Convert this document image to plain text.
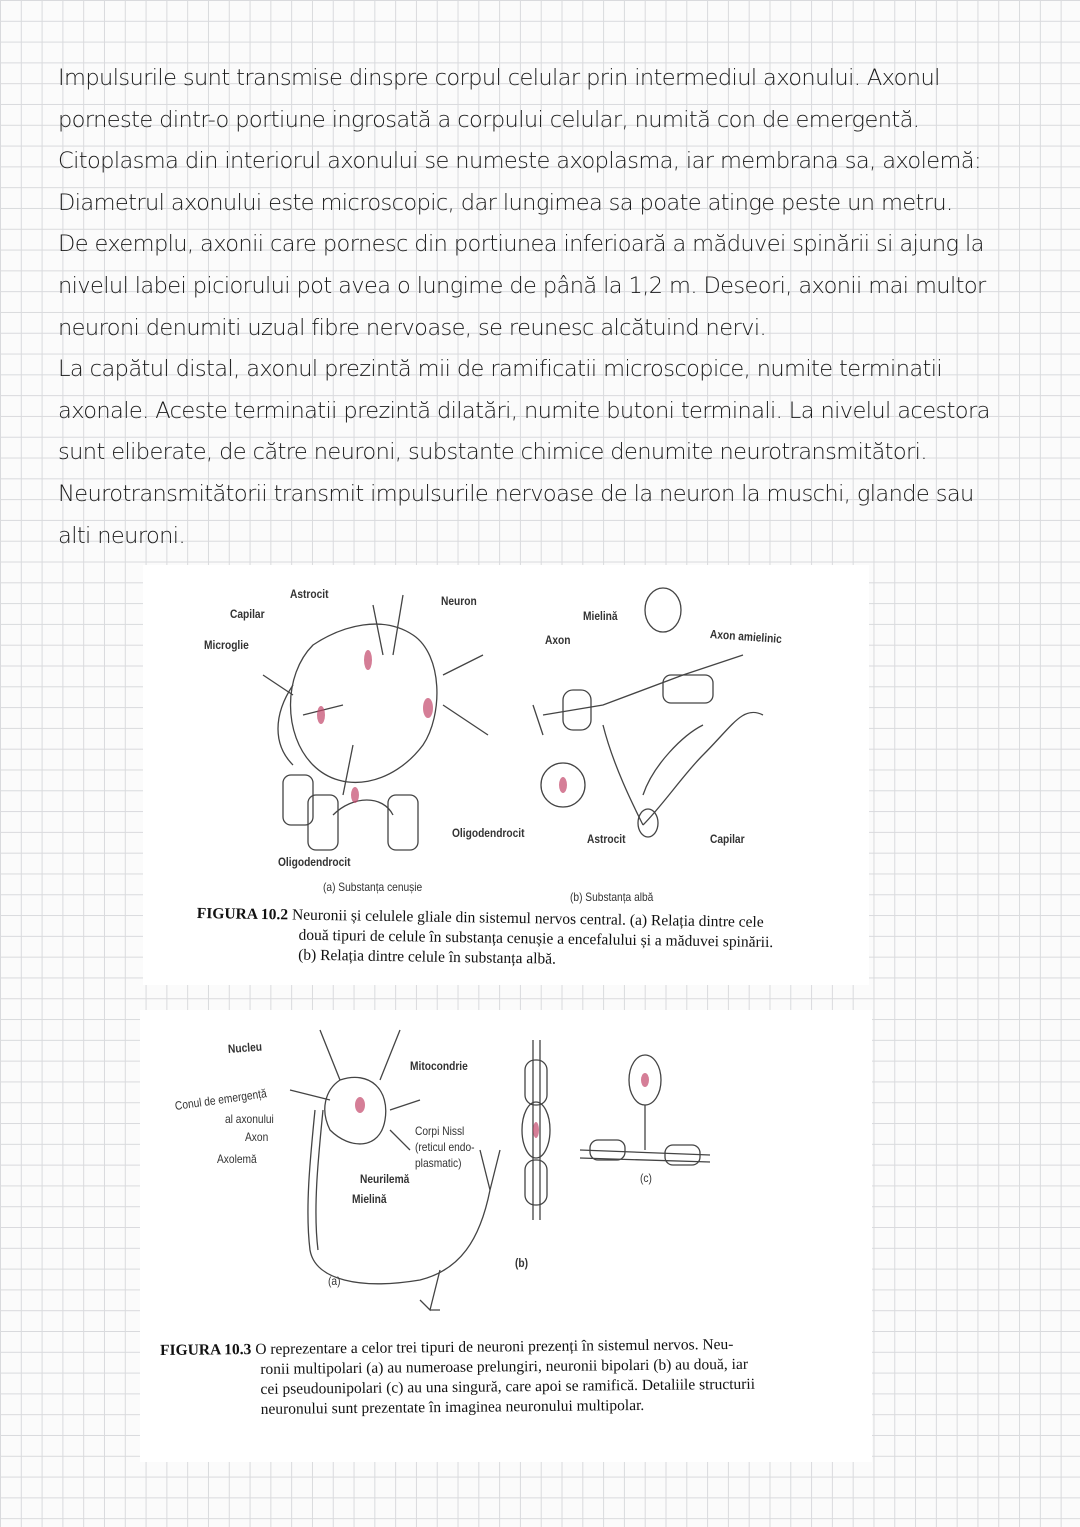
Impulsurile sunt transmise dinspre corpul celular prin intermediul axonului. Axonul

porneste dintr-o portiune ingrosată a corpului celular, numită con de emergentă.

Citoplasma din interiorul axonului se numeste axoplasma, iar membrana sa, axolemă:

Diametrul axonului este microscopic, dar lungimea sa poate atinge peste un metru.

De exemplu, axonii care pornesc din portiunea inferioară a măduvei spinării si ajung la

nivelul labei piciorului pot avea o lungime de până la 1,2 m. Deseori, axonii mai multor

neuroni denumiti uzual fibre nervoase, se reunesc alcătuind nervi.

La capătul distal, axonul prezintă mii de ramificatii microscopice, numite terminatii

axonale. Aceste terminatii prezintă dilatări, numite butoni terminali. La nivelul acestora

sunt eliberate, de către neuroni, substante chimice denumite neurotransmitători.

Neurotransmitătorii transmit impulsurile nervoase de la neuron la muschi, glande sau

alti neuroni.

Astrocit
Capilar
Microglie
Neuron
Oligodendrocit
Mielină
Axon	Axon amielinic
Oligodendrocit	Astrocit	Capilar
(a) Substanța cenușie
(b) Substanța albă
FIGURA 10.2 Neuronii și celulele gliale din sistemul nervos central. (a) Relația dintre cele
două tipuri de celule în substanța cenușie a encefalului și a măduvei spinării.
(b) Relația dintre celule în substanța albă.
Nucleu
Mitocondrie
Conul de emergență
al axonului
Axon
Axolemă
Corpi Nissl
(reticul endo-
plasmatic)
Neurilemă
Mielină
(a)
(b)
(c)
FIGURA 10.3 O reprezentare a celor trei tipuri de neuroni prezenți în sistemul nervos. Neu-
ronii multipolari (a) au numeroase prelungiri, neuronii bipolari (b) au două, iar
cei pseudounipolari (c) au una singură, care apoi se ramifică. Detaliile structurii
neuronului sunt prezentate în imaginea neuronului multipolar.
